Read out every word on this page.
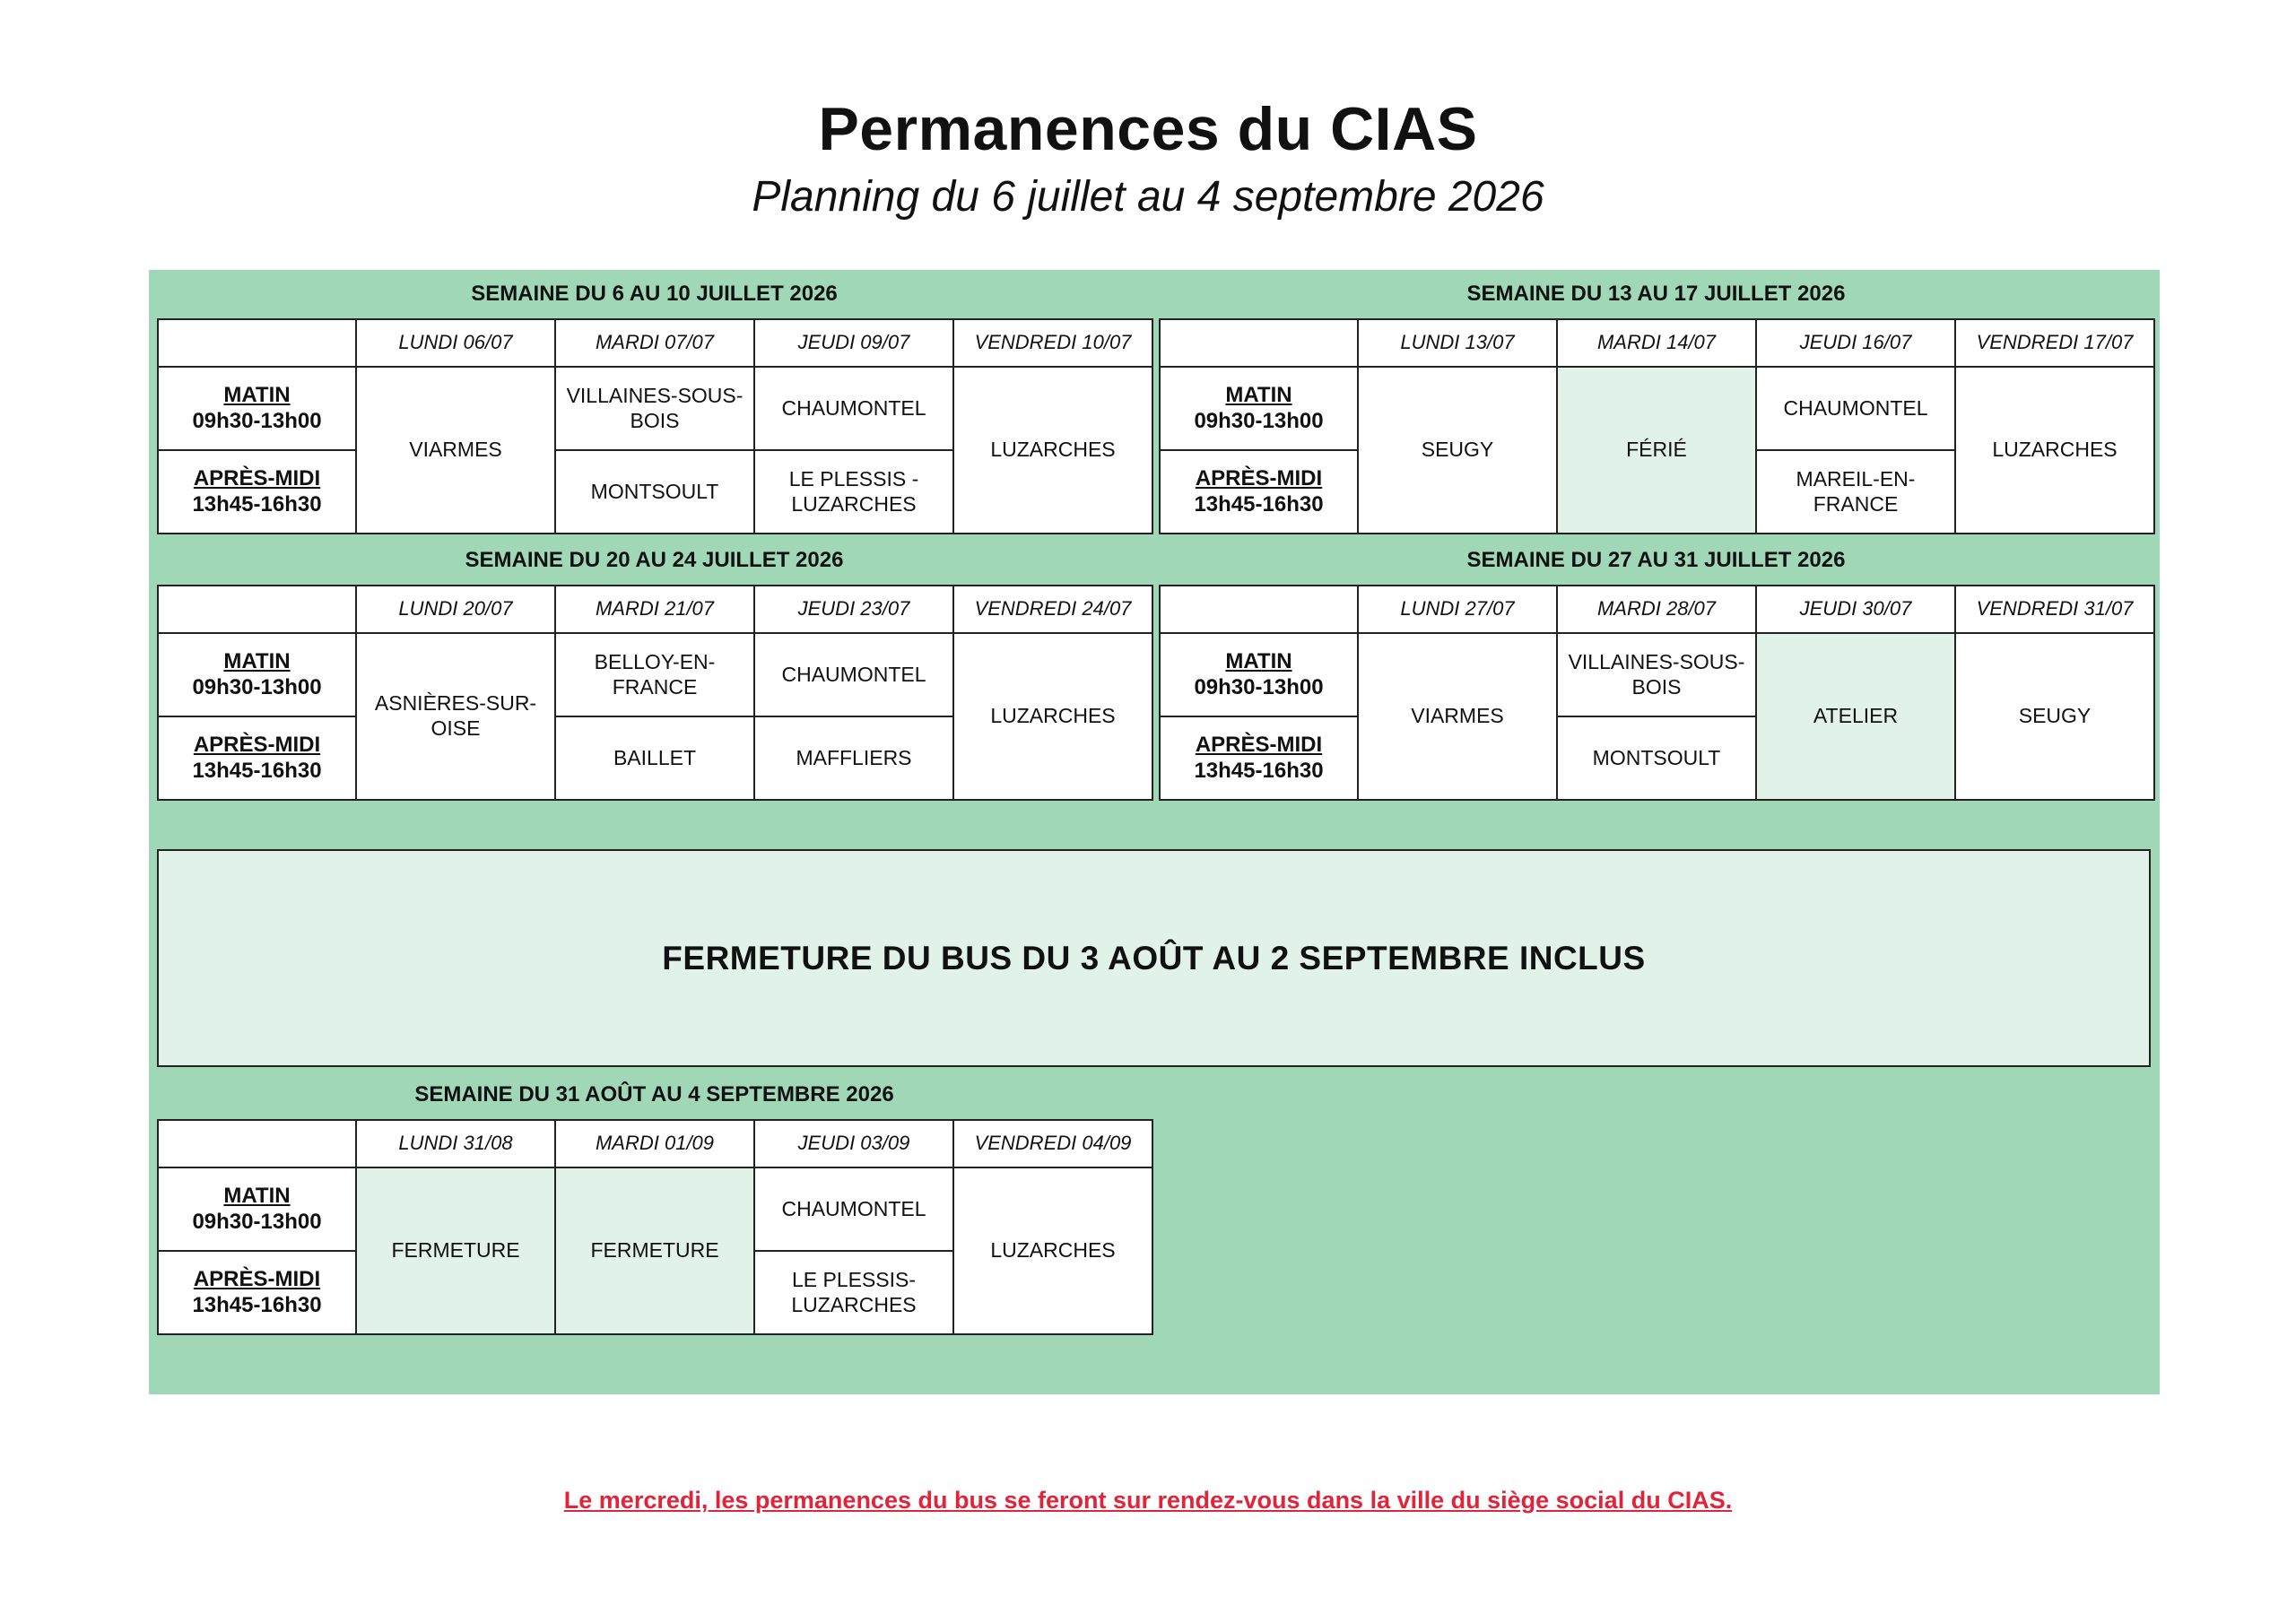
Permanences du CIAS
Planning du 6 juillet au 4 septembre 2026
SEMAINE DU 6 AU 10 JUILLET 2026
	LUNDI 06/07	MARDI 07/07	JEUDI 09/07	VENDREDI 10/07

MATIN
09h30-13h00	VIARMES	VILLAINES-SOUS-BOIS	CHAUMONTEL	LUZARCHES

APRÈS-MIDI
13h45-16h30		MONTSOULT	LE PLESSIS -LUZARCHES	
SEMAINE DU 13 AU 17 JUILLET 2026
	LUNDI 13/07	MARDI 14/07	JEUDI 16/07	VENDREDI 17/07

MATIN
09h30-13h00	SEUGY	FÉRIÉ	CHAUMONTEL	LUZARCHES

APRÈS-MIDI
13h45-16h30			MAREIL-EN-FRANCE	
SEMAINE DU 20 AU 24 JUILLET 2026
	LUNDI 20/07	MARDI 21/07	JEUDI 23/07	VENDREDI 24/07

MATIN
09h30-13h00	ASNIÈRES-SUR-OISE	BELLOY-EN-FRANCE	CHAUMONTEL	LUZARCHES

APRÈS-MIDI
13h45-16h30		BAILLET	MAFFLIERS	
SEMAINE DU 27 AU 31 JUILLET 2026
	LUNDI 27/07	MARDI 28/07	JEUDI 30/07	VENDREDI 31/07

MATIN
09h30-13h00	VIARMES	VILLAINES-SOUS-BOIS	ATELIER	SEUGY

APRÈS-MIDI
13h45-16h30		MONTSOULT		
FERMETURE DU BUS DU 3 AOÛT AU 2 SEPTEMBRE INCLUS
SEMAINE DU 31 AOÛT AU 4 SEPTEMBRE 2026
	LUNDI 31/08	MARDI 01/09	JEUDI 03/09	VENDREDI 04/09

MATIN
09h30-13h00	FERMETURE	FERMETURE	CHAUMONTEL	LUZARCHES

APRÈS-MIDI
13h45-16h30			LE PLESSIS-LUZARCHES	
Le mercredi, les permanences du bus se feront sur rendez-vous dans la ville du siège social du CIAS.
